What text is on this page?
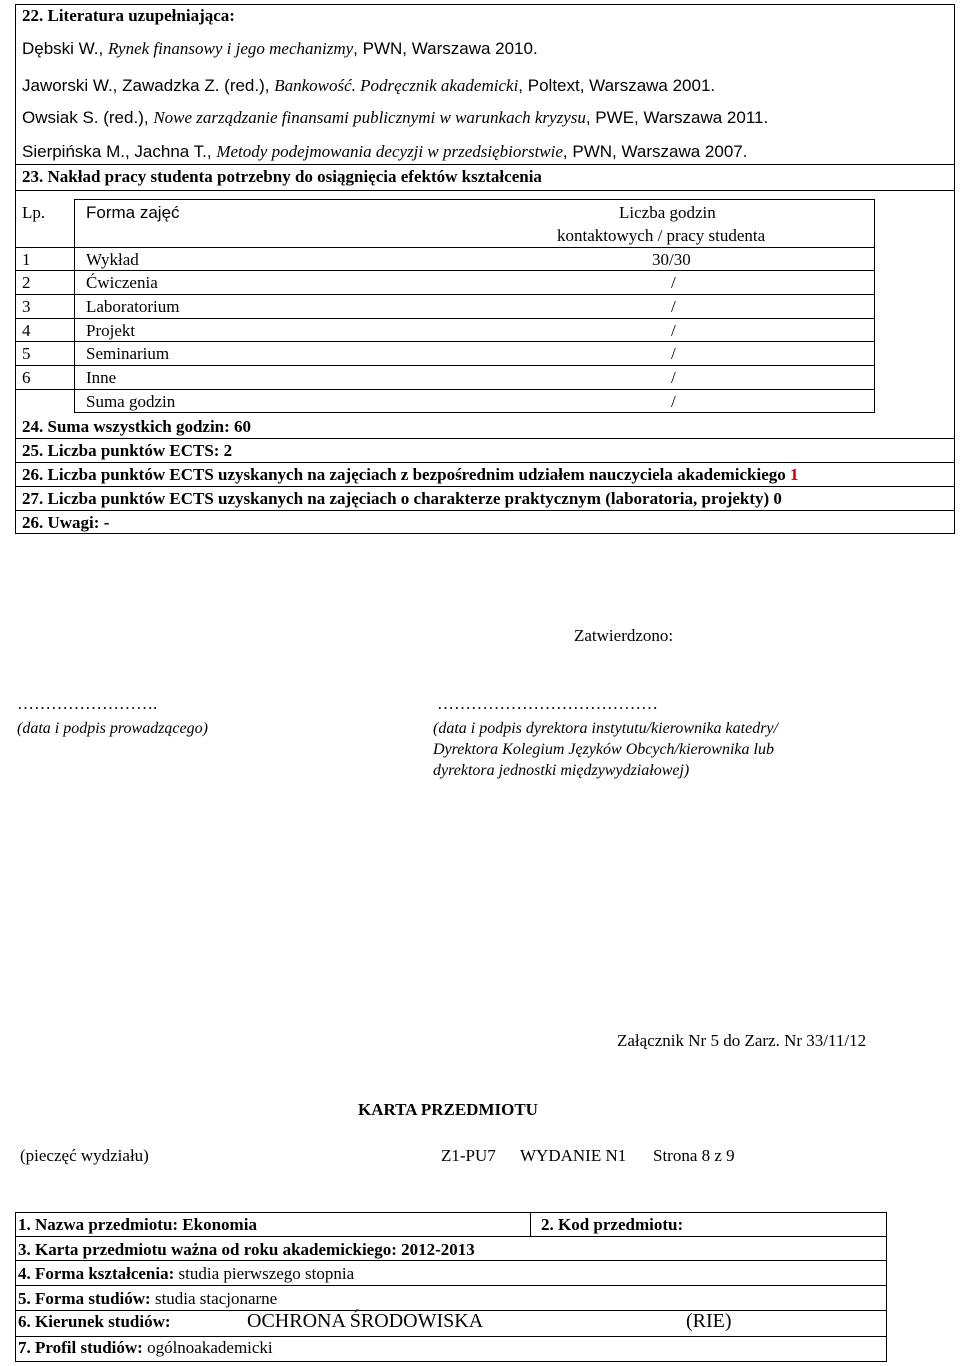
22. Literatura uzupełniająca:
Dębski W., Rynek finansowy i jego mechanizmy, PWN, Warszawa 2010.
Jaworski W., Zawadzka Z. (red.), Bankowość. Podręcznik akademicki, Poltext, Warszawa 2001.
Owsiak S. (red.), Nowe zarządzanie finansami publicznymi w warunkach kryzysu, PWE, Warszawa 2011.
Sierpińska M., Jachna T., Metody podejmowania decyzji w przedsiębiorstwie, PWN, Warszawa 2007.
23. Nakład pracy studenta potrzebny do osiągnięcia efektów kształcenia
Lp. Forma zajęć	Liczba godzin
kontaktowych / pracy studenta
1	Wykład	30/30
2	Ćwiczenia	/
3	Laboratorium	/
4	Projekt	/
5	Seminarium	/
6	Inne	/
Suma godzin	/
24. Suma wszystkich godzin: 60
25. Liczba punktów ECTS: 2
26. Liczba punktów ECTS uzyskanych na zajęciach z bezpośrednim udziałem nauczyciela akademickiego 1
27. Liczba punktów ECTS uzyskanych na zajęciach o charakterze praktycznym (laboratoria, projekty) 0
26. Uwagi: -
Zatwierdzono:
…………………….
(data i podpis prowadzącego)
…………………………………
(data i podpis dyrektora instytutu/kierownika katedry/
Dyrektora Kolegium Języków Obcych/kierownika lub
dyrektora jednostki międzywydziałowej)
Załącznik Nr 5 do Zarz. Nr 33/11/12
KARTA PRZEDMIOTU
(pieczęć wydziału)	Z1-PU7 WYDANIE N1 Strona 8 z 9
1. Nazwa przedmiotu: Ekonomia	2. Kod przedmiotu:
3. Karta przedmiotu ważna od roku akademickiego: 2012-2013
4. Forma kształcenia: studia pierwszego stopnia
5. Forma studiów: studia stacjonarne
6. Kierunek studiów:	OCHRONA ŚRODOWISKA	(RIE)
7. Profil studiów: ogólnoakademicki
